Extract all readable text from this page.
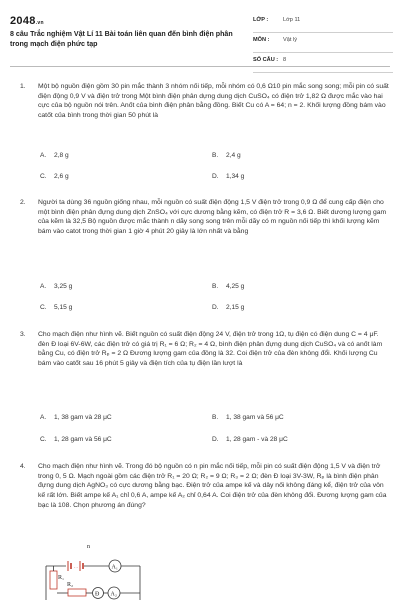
2048.vn
8 câu Trắc nghiệm Vật Lí 11 Bài toán liên quan đến bình điện phân trong mạch điện phức tạp
LỚP :	Lớp 11
MÔN : Vật lý
SỐ CÂU : 8
1. Một bộ nguồn điện gồm 30 pin mắc thành 3 nhóm nối tiếp, mỗi nhóm có 0,6 Ω10 pin mắc song song; mỗi pin có suất điện động 0,9 V và điện trở trong Một bình điện phân dựng dung dịch CuSO₄ có điện trở 1,82 Ω được mắc vào hai cực của bộ nguồn nói trên. Anốt của bình điện phân bằng đồng. Biết Cu có A = 64; n = 2. Khối lượng đồng bám vào catốt của bình trong thời gian 50 phút là
A. 2,8 g	B. 2,4 g
C. 2,6 g	D. 1,34 g
2. Người ta dùng 36 nguồn giống nhau, mỗi nguồn có suất điện động 1,5 V điện trở trong 0,9 Ω để cung cấp điện cho một bình điện phân đựng dung dịch ZnSO₄ với cực dương bằng kẽm, có điện trở R = 3,6 Ω. Biết dương lượng gam của kẽm là 32,5 Bộ nguồn được mắc thành n dãy song song trên mỗi dãy có m nguồn nối tiếp thì khối lượng kẽm bám vào catot trong thời gian 1 giờ 4 phút 20 giây là lớn nhất và bằng
A. 3,25 g	B. 4,25 g
C. 5,15 g	D. 2,15 g
3. Cho mạch điện như hình vẽ. Biết nguồn có suất điện động 24 V, điện trở trong 1Ω, tụ điện có điện dung C = 4 μF. đèn Đ loại 6V-6W, các điện trở có giá trị R₁ = 6 Ω; R₂ = 4 Ω, bình điện phân đựng dung dịch CuSO₄ và có anốt làm bằng Cu, có điện trở Rₚ = 2 Ω Đương lượng gam của đồng là 32. Coi điện trở của đèn không đổi. Khối lượng Cu bám vào catốt sau 16 phút 5 giây và điện tích của tụ điện lần lượt là
A. 1, 38 gam và 28 μC	B. 1, 38 gam và 56 μC
C. 1, 28 gam và 56 μC	D. 1, 28 gam - và 28 μC
4. Cho mạch điện như hình vẽ. Trong đó bộ nguồn có n pin mắc nối tiếp, mỗi pin có suất điện động 1,5 V và điện trở trong 0, 5 Ω. Mạch ngoài gồm các điện trở R₁ = 20 Ω; R₂ = 9 Ω; R₃ = 2 Ω; đèn Đ loại 3V-3W, Rₚ là bình điện phân đựng dung dịch AgNO₃ có cực dương bằng bạc. Điện trở của ampe kế và dây nối không đáng kể, điện trở của vôn kế rất lớn. Biết ampe kế A₁ chỉ 0,6 A, ampe kế A₂ chỉ 0,64 A. Coi điện trở của đèn không đổi. Đương lượng gam của bạc là 108. Chọn phương án đúng?
n
- -	A₁
R₁
R₂
Đ A₂
